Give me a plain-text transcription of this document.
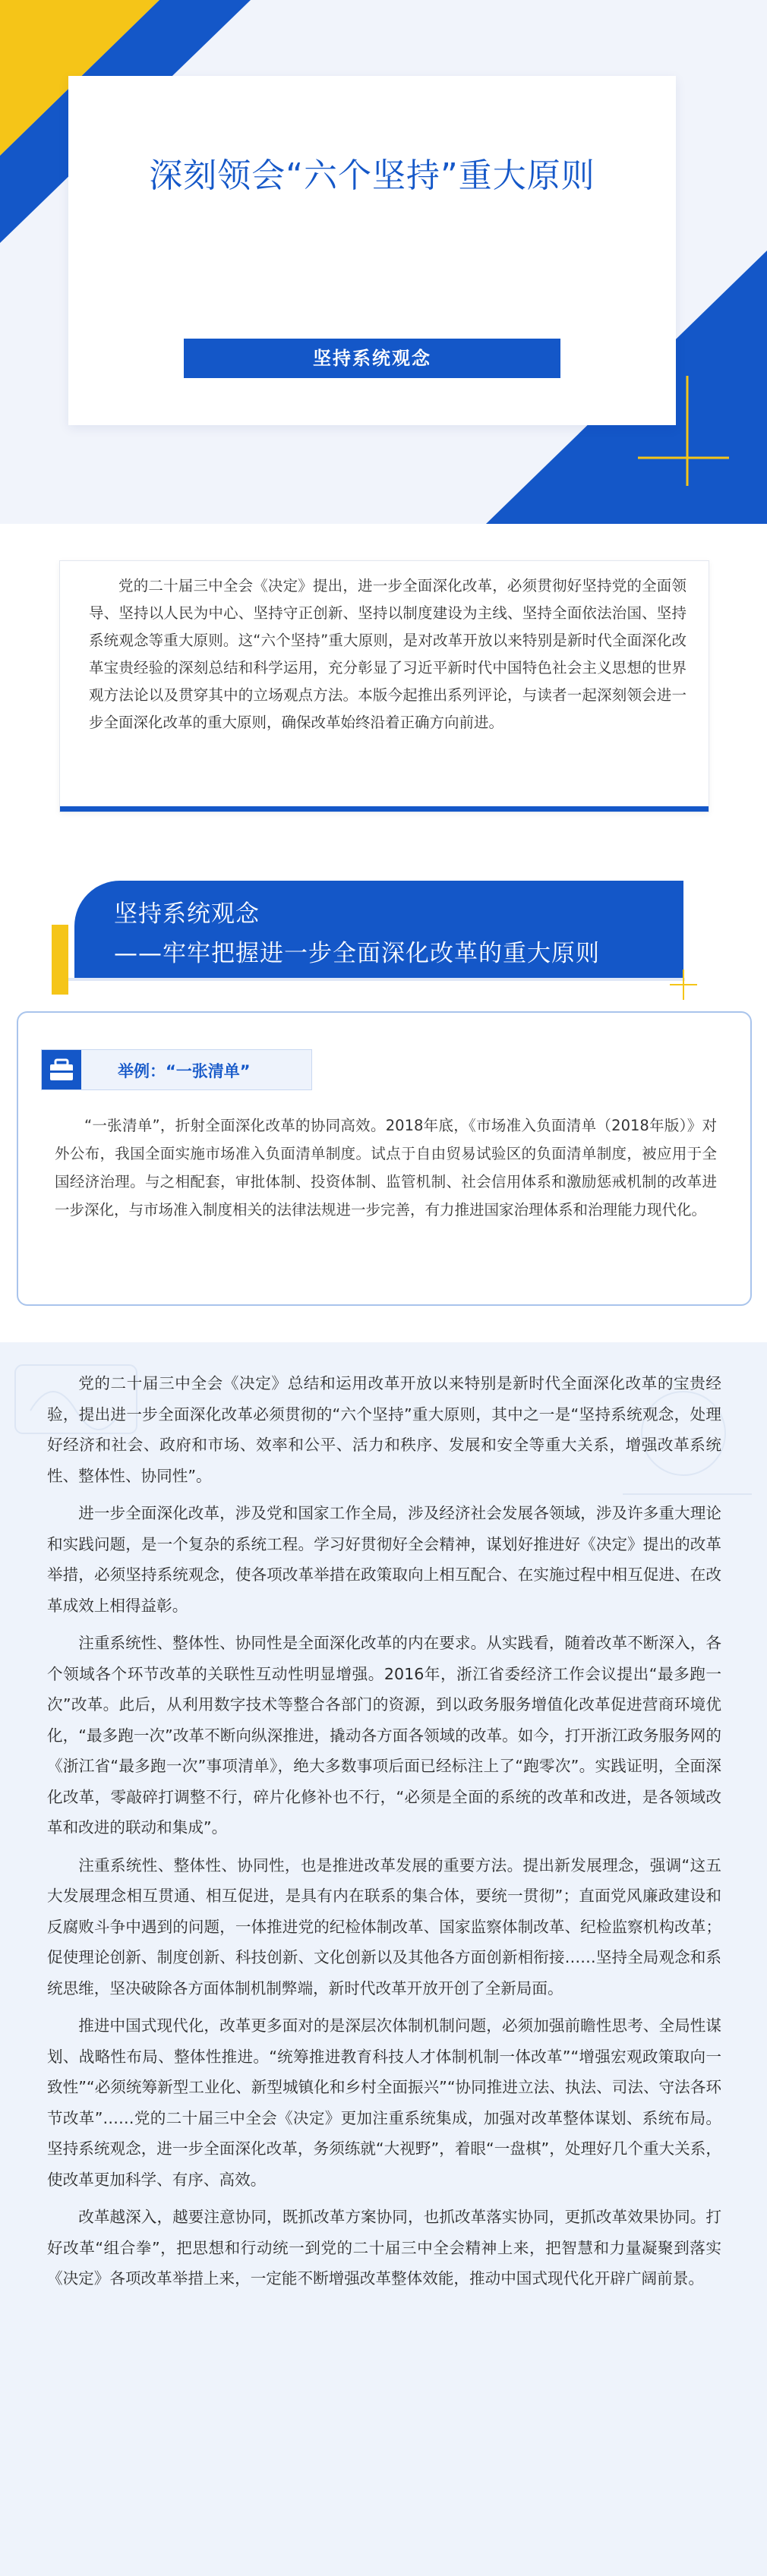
深刻领会“六个坚持”重大原则
坚持系统观念

党的二十届三中全会《决定》提出，进一步全面深化改革，必须贯彻好坚持党的全面领导、坚持以人民为中心、坚持守正创新、坚持以制度建设为主线、坚持全面依法治国、坚持系统观念等重大原则。这“六个坚持”重大原则，是对改革开放以来特别是新时代全面深化改革宝贵经验的深刻总结和科学运用，充分彰显了习近平新时代中国特色社会主义思想的世界观方法论以及贯穿其中的立场观点方法。本版今起推出系列评论，与读者一起深刻领会进一步全面深化改革的重大原则，确保改革始终沿着正确方向前进。

坚持系统观念
——牢牢把握进一步全面深化改革的重大原则
举例：“一张清单”

“一张清单”，折射全面深化改革的协同高效。2018年底，《市场准入负面清单（2018年版）》对外公布，我国全面实施市场准入负面清单制度。试点于自由贸易试验区的负面清单制度，被应用于全国经济治理。与之相配套，审批体制、投资体制、监管机制、社会信用体系和激励惩戒机制的改革进一步深化，与市场准入制度相关的法律法规进一步完善，有力推进国家治理体系和治理能力现代化。

党的二十届三中全会《决定》总结和运用改革开放以来特别是新时代全面深化改革的宝贵经验，提出进一步全面深化改革必须贯彻的“六个坚持”重大原则，其中之一是“坚持系统观念，处理好经济和社会、政府和市场、效率和公平、活力和秩序、发展和安全等重大关系，增强改革系统性、整体性、协同性”。

进一步全面深化改革，涉及党和国家工作全局，涉及经济社会发展各领域，涉及许多重大理论和实践问题，是一个复杂的系统工程。学习好贯彻好全会精神，谋划好推进好《决定》提出的改革举措，必须坚持系统观念，使各项改革举措在政策取向上相互配合、在实施过程中相互促进、在改革成效上相得益彰。

注重系统性、整体性、协同性是全面深化改革的内在要求。从实践看，随着改革不断深入，各个领域各个环节改革的关联性互动性明显增强。2016年，浙江省委经济工作会议提出“最多跑一次”改革。此后，从利用数字技术等整合各部门的资源，到以政务服务增值化改革促进营商环境优化，“最多跑一次”改革不断向纵深推进，撬动各方面各领域的改革。如今，打开浙江政务服务网的《浙江省“最多跑一次”事项清单》，绝大多数事项后面已经标注上了“跑零次”。实践证明，全面深化改革，零敲碎打调整不行，碎片化修补也不行，“必须是全面的系统的改革和改进，是各领域改革和改进的联动和集成”。

注重系统性、整体性、协同性，也是推进改革发展的重要方法。提出新发展理念，强调“这五大发展理念相互贯通、相互促进，是具有内在联系的集合体，要统一贯彻”；直面党风廉政建设和反腐败斗争中遇到的问题，一体推进党的纪检体制改革、国家监察体制改革、纪检监察机构改革；促使理论创新、制度创新、科技创新、文化创新以及其他各方面创新相衔接……坚持全局观念和系统思维，坚决破除各方面体制机制弊端，新时代改革开放开创了全新局面。

推进中国式现代化，改革更多面对的是深层次体制机制问题，必须加强前瞻性思考、全局性谋划、战略性布局、整体性推进。“统筹推进教育科技人才体制机制一体改革”“增强宏观政策取向一致性”“必须统筹新型工业化、新型城镇化和乡村全面振兴”“协同推进立法、执法、司法、守法各环节改革”……党的二十届三中全会《决定》更加注重系统集成，加强对改革整体谋划、系统布局。坚持系统观念，进一步全面深化改革，务须练就“大视野”，着眼“一盘棋”，处理好几个重大关系，使改革更加科学、有序、高效。

改革越深入，越要注意协同，既抓改革方案协同，也抓改革落实协同，更抓改革效果协同。打好改革“组合拳”，把思想和行动统一到党的二十届三中全会精神上来，把智慧和力量凝聚到落实《决定》各项改革举措上来，一定能不断增强改革整体效能，推动中国式现代化开辟广阔前景。
